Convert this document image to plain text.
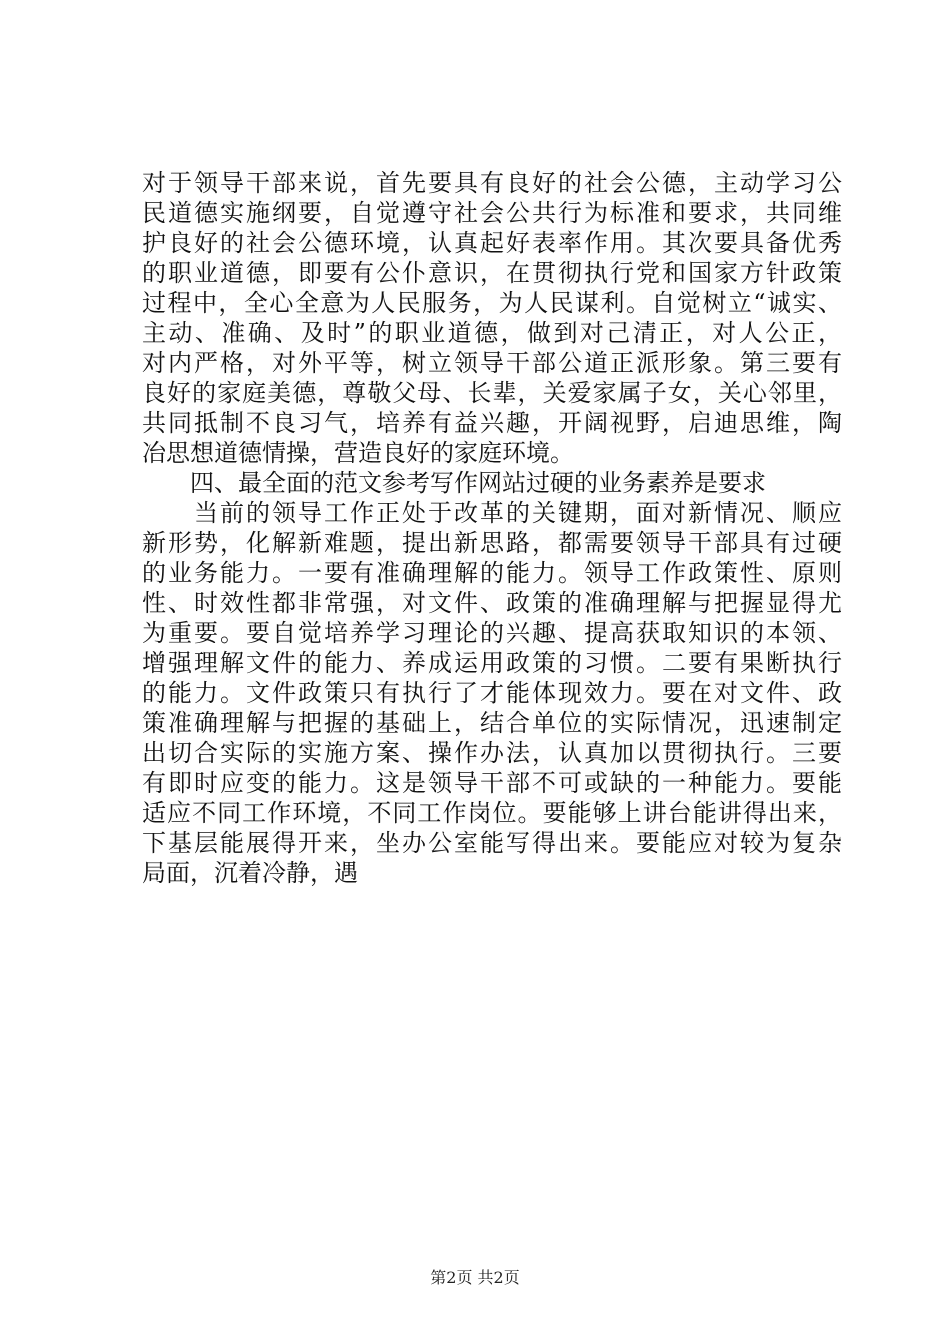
对于领导干部来说，首先要具有良好的社会公德，主动学习公
民道德实施纲要，自觉遵守社会公共行为标准和要求，共同维
护良好的社会公德环境，认真起好表率作用。其次要具备优秀
的职业道德，即要有公仆意识，在贯彻执行党和国家方针政策
过程中，全心全意为人民服务，为人民谋利。自觉树立“诚实、
主动、准确、及时”的职业道德，做到对己清正，对人公正，
对内严格，对外平等，树立领导干部公道正派形象。第三要有
良好的家庭美德，尊敬父母、长辈，关爱家属子女，关心邻里，
共同抵制不良习气，培养有益兴趣，开阔视野，启迪思维，陶
冶思想道德情操，营造良好的家庭环境。
　　四、最全面的范文参考写作网站过硬的业务素养是要求
　　当前的领导工作正处于改革的关键期，面对新情况、顺应
新形势，化解新难题，提出新思路，都需要领导干部具有过硬
的业务能力。一要有准确理解的能力。领导工作政策性、原则
性、时效性都非常强，对文件、政策的准确理解与把握显得尤
为重要。要自觉培养学习理论的兴趣、提高获取知识的本领、
增强理解文件的能力、养成运用政策的习惯。二要有果断执行
的能力。文件政策只有执行了才能体现效力。要在对文件、政
策准确理解与把握的基础上，结合单位的实际情况，迅速制定
出切合实际的实施方案、操作办法，认真加以贯彻执行。三要
有即时应变的能力。这是领导干部不可或缺的一种能力。要能
适应不同工作环境，不同工作岗位。要能够上讲台能讲得出来，
下基层能展得开来，坐办公室能写得出来。要能应对较为复杂
局面，沉着冷静，遇
第2页 共2页
